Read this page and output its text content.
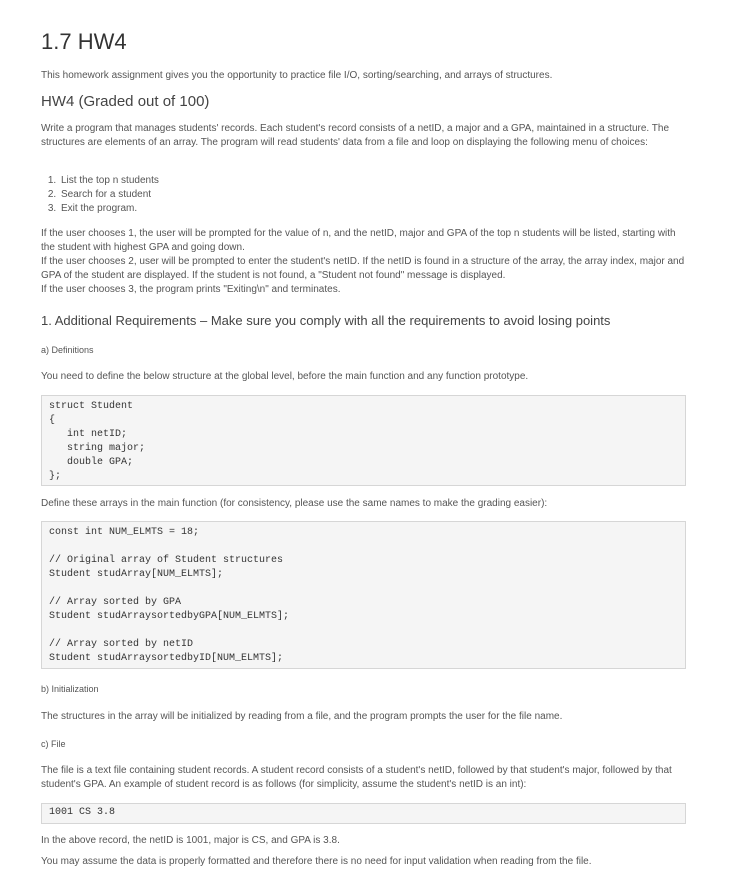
1.7 HW4
This homework assignment gives you the opportunity to practice file I/O, sorting/searching, and arrays of structures.
HW4 (Graded out of 100)
Write a program that manages students' records. Each student's record consists of a netID, a major and a GPA, maintained in a structure. The structures are elements of an array. The program will read students' data from a file and loop on displaying the following menu of choices:
1. List the top n students
2. Search for a student
3. Exit the program.
If the user chooses 1, the user will be prompted for the value of n, and the netID, major and GPA of the top n students will be listed, starting with the student with highest GPA and going down.
If the user chooses 2, user will be prompted to enter the student's netID. If the netID is found in a structure of the array, the array index, major and GPA of the student are displayed. If the student is not found, a "Student not found" message is displayed.
If the user chooses 3, the program prints "Exiting\n" and terminates.
1. Additional Requirements – Make sure you comply with all the requirements to avoid losing points
a) Definitions
You need to define the below structure at the global level, before the main function and any function prototype.
struct Student
{
int netID;
string major;
double GPA;
};
Define these arrays in the main function (for consistency, please use the same names to make the grading easier):
const int NUM_ELMTS = 18;

// Original array of Student structures
Student studArray[NUM_ELMTS];

// Array sorted by GPA
Student studArraysortedbyGPA[NUM_ELMTS];

// Array sorted by netID
Student studArraysortedbyID[NUM_ELMTS];
b) Initialization
The structures in the array will be initialized by reading from a file, and the program prompts the user for the file name.
c) File
The file is a text file containing student records. A student record consists of a student's netID, followed by that student's major, followed by that student's GPA. An example of student record is as follows (for simplicity, assume the student's netID is an int):
1001 CS 3.8
In the above record, the netID is 1001, major is CS, and GPA is 3.8.
You may assume the data is properly formatted and therefore there is no need for input validation when reading from the file.
